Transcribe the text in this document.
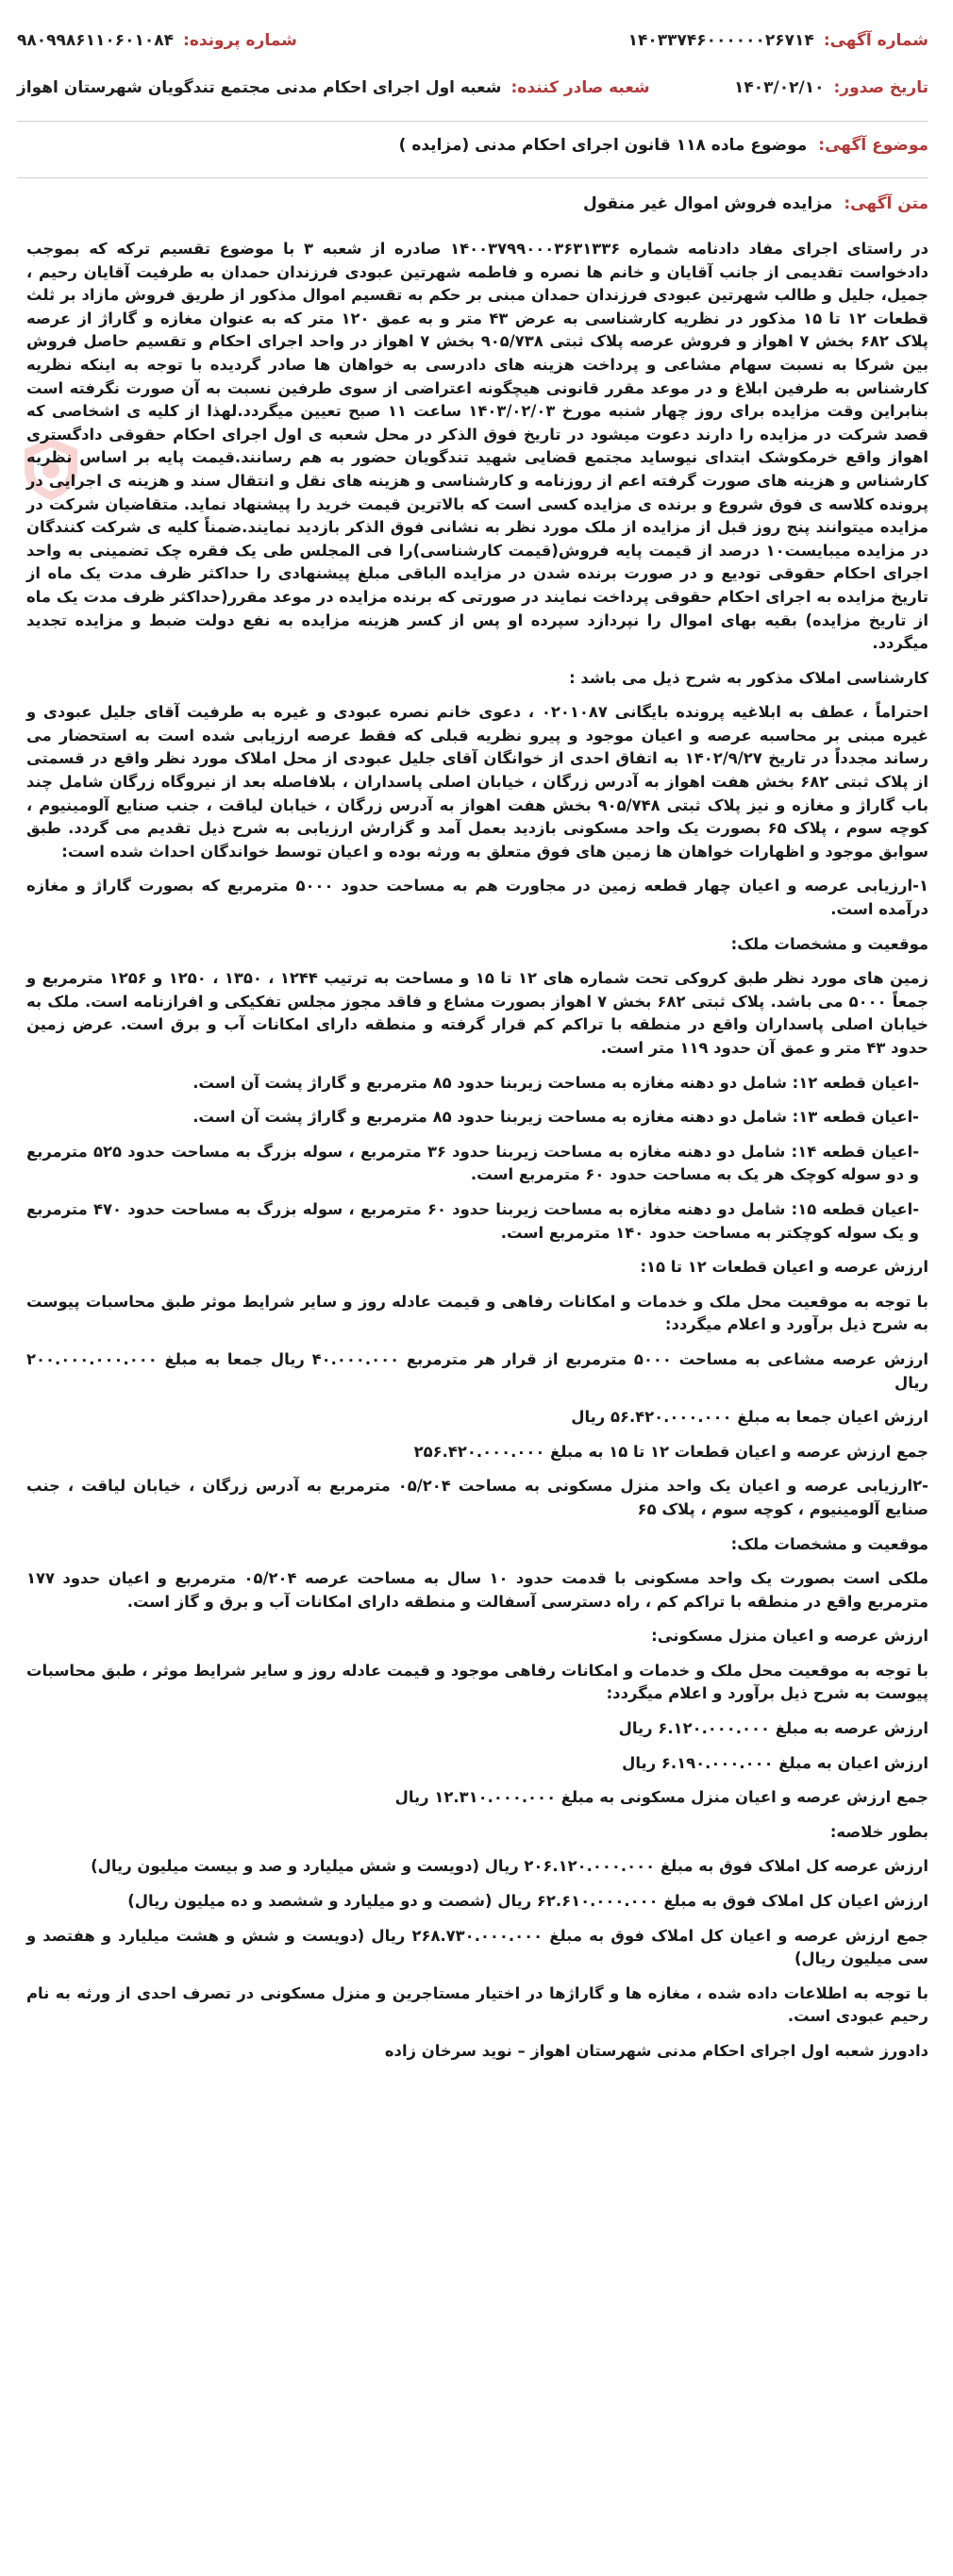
شماره آگهی:
۱۴۰۳۳۷۴۶۰۰۰۰۰۰۲۶۷۱۴
شماره پرونده:
۹۸۰۹۹۸۶۱۱۰۶۰۱۰۸۴
تاریخ صدور:
۱۴۰۳/۰۲/۱۰
شعبه صادر کننده:
شعبه اول اجرای احکام مدنی مجتمع تندگویان شهرستان اهواز
موضوع آگهی:
موضوع ماده ۱۱۸ قانون اجرای احکام مدنی (مزایده )
متن آگهی:
مزایده فروش اموال غیر منقول

در راستای اجرای مفاد دادنامه شماره ۱۴۰۰۳۷۹۹۰۰۰۳۶۳۱۳۳۶ صادره از شعبه ۳ با موضوع تقسیم ترکه که بموجب دادخواست تقدیمی از جانب آقایان و خانم ها نصره و فاطمه شهرتین عبودی فرزندان حمدان به طرفیت آقایان رحیم ، جمیل، جلیل و طالب شهرتین عبودی فرزندان حمدان مبنی بر حکم به تقسیم اموال مذکور از طریق فروش مازاد بر ثلث قطعات ۱۲ تا ۱۵ مذکور در نظریه کارشناسی به عرض ۴۳ متر و به عمق ۱۲۰ متر که به عنوان مغازه و گاراژ از عرصه پلاک ۶۸۲ بخش ۷ اهواز و فروش عرصه پلاک ثبتی ۹۰۵/۷۳۸ بخش ۷ اهواز در واحد اجرای احکام و تقسیم حاصل فروش بین شرکا به نسبت سهام مشاعی و پرداخت هزینه های دادرسی به خواهان ها صادر گردیده با توجه به اینکه نظریه کارشناس به طرفین ابلاغ و در موعد مقرر قانونی هیچگونه اعتراضی از سوی طرفین نسبت به آن صورت نگرفته است بنابراین وقت مزایده برای روز چهار شنبه مورخ ۱۴۰۳/۰۲/۰۳ ساعت ۱۱ صبح تعیین میگردد.لهذا از کلیه ی اشخاصی که قصد شرکت در مزایده را دارند دعوت میشود در تاریخ فوق الذکر در محل شعبه ی اول اجرای احکام حقوقی دادگستری اهواز واقع خرمکوشک ابتدای نیوساید مجتمع قضایی شهید تندگویان حضور به هم رسانند.قیمت پایه بر اساس نظریه کارشناس و هزینه های صورت گرفته اعم از روزنامه و کارشناسی و هزینه های نقل و انتقال سند و هزینه ی اجرایی در پرونده کلاسه ی فوق شروع و برنده ی مزایده کسی است که بالاترین قیمت خرید را پیشنهاد نماید. متقاضیان شرکت در مزایده میتوانند پنج روز قبل از مزایده از ملک مورد نظر به نشانی فوق الذکر بازدید نمایند.ضمناً کلیه ی شرکت کنندگان در مزایده میبایست۱۰ درصد از قیمت پایه فروش(قیمت کارشناسی)را فی المجلس طی یک فقره چک تضمینی به واحد اجرای احکام حقوقی تودیع و در صورت برنده شدن در مزایده الباقی مبلغ پیشنهادی را حداکثر ظرف مدت یک ماه از تاریخ مزایده به اجرای احکام حقوقی پرداخت نمایند در صورتی که برنده مزایده در موعد مقرر(حداکثر ظرف مدت یک ماه از تاریخ مزایده) بقیه بهای اموال را نپردازد سپرده او پس از کسر هزینه مزایده به نفع دولت ضبط و مزایده تجدید میگردد.

کارشناسی املاک مذکور به شرح ذیل می باشد :

احتراماً ، عطف به ابلاغیه پرونده بایگانی ۰۲۰۱۰۸۷ ، دعوی خانم نصره عبودی و غیره به طرفیت آقای جلیل عبودی و غیره مبنی بر محاسبه عرصه و اعیان موجود و پیرو نظریه قبلی که فقط عرصه ارزیابی شده است به استحضار می رساند مجدداً در تاریخ ۱۴۰۲/۹/۲۷ به اتفاق احدی از خوانگان آقای جلیل عبودی از محل املاک مورد نظر واقع در قسمتی از پلاک ثبتی ۶۸۲ بخش هفت اهواز به آدرس زرگان ، خیابان اصلی پاسداران ، بلافاصله بعد از نیروگاه زرگان شامل چند باب گاراژ و مغازه و نیز پلاک ثبتی ۹۰۵/۷۴۸ بخش هفت اهواز به آدرس زرگان ، خیابان لیاقت ، جنب صنایع آلومینیوم ، کوچه سوم ، پلاک ۶۵ بصورت یک واحد مسکونی بازدید بعمل آمد و گزارش ارزیابی به شرح ذیل تقدیم می گردد. طبق سوابق موجود و اظهارات خواهان ها زمین های فوق متعلق به ورثه بوده و اعیان توسط خواندگان احداث شده است:

۱-ارزیابی عرصه و اعیان چهار قطعه زمین در مجاورت هم به مساحت حدود ۵۰۰۰ مترمربع که بصورت گاراژ و مغازه درآمده است.

موقعیت و مشخصات ملک:

زمین های مورد نظر طبق کروکی تحت شماره های ۱۲ تا ۱۵ و مساحت به ترتیب ۱۲۴۴ ، ۱۳۵۰ ، ۱۲۵۰ و ۱۲۵۶ مترمربع و جمعاً ۵۰۰۰ می باشد. پلاک ثبتی ۶۸۲ بخش ۷ اهواز بصورت مشاع و فاقد مجوز مجلس تفکیکی و افرازنامه است. ملک به خیابان اصلی پاسداران واقع در منطقه با تراکم کم قرار گرفته و منطقه دارای امکانات آب و برق است. عرض زمین حدود ۴۳ متر و عمق آن حدود ۱۱۹ متر است.

-اعیان قطعه ۱۲: شامل دو دهنه مغازه به مساحت زیربنا حدود ۸۵ مترمربع و گاراژ پشت آن است.

-اعیان قطعه ۱۳: شامل دو دهنه مغازه به مساحت زیربنا حدود ۸۵ مترمربع و گاراژ پشت آن است.

-اعیان قطعه ۱۴: شامل دو دهنه مغازه به مساحت زیربنا حدود ۳۶ مترمربع ، سوله بزرگ به مساحت حدود ۵۲۵ مترمربع و دو سوله کوچک هر یک به مساحت حدود ۶۰ مترمربع است.

-اعیان قطعه ۱۵: شامل دو دهنه مغازه به مساحت زیربنا حدود ۶۰ مترمربع ، سوله بزرگ به مساحت حدود ۴۷۰ مترمربع و یک سوله کوچکتر به مساحت حدود ۱۴۰ مترمربع است.

ارزش عرصه و اعیان قطعات ۱۲ تا ۱۵:

با توجه به موقعیت محل ملک و خدمات و امکانات رفاهی و قیمت عادله روز و سایر شرایط موثر طبق محاسبات پیوست به شرح ذیل برآورد و اعلام میگردد:

ارزش عرصه مشاعی به مساحت ۵۰۰۰ مترمربع از قرار هر مترمربع ۴۰.۰۰۰.۰۰۰ ریال جمعا به مبلغ ۲۰۰.۰۰۰.۰۰۰.۰۰۰ ریال

ارزش اعیان جمعا به مبلغ ۵۶.۴۲۰.۰۰۰.۰۰۰ ریال

جمع ارزش عرصه و اعیان قطعات ۱۲ تا ۱۵ به مبلغ ۲۵۶.۴۲۰.۰۰۰.۰۰۰

-۲ارزیابی عرصه و اعیان یک واحد منزل مسکونی به مساحت ۰۵/۲۰۴ مترمربع به آدرس زرگان ، خیابان لیاقت ، جنب صنایع آلومینیوم ، کوچه سوم ، پلاک ۶۵

موقعیت و مشخصات ملک:

ملکی است بصورت یک واحد مسکونی با قدمت حدود ۱۰ سال به مساحت عرصه ۰۵/۲۰۴ مترمربع و اعیان حدود ۱۷۷ مترمربع واقع در منطقه با تراکم کم ، راه دسترسی آسفالت و منطقه دارای امکانات آب و برق و گاز است.

ارزش عرصه و اعیان منزل مسکونی:

با توجه به موقعیت محل ملک و خدمات و امکانات رفاهی موجود و قیمت عادله روز و سایر شرایط موثر ، طبق محاسبات پیوست به شرح ذیل برآورد و اعلام میگردد:

ارزش عرصه به مبلغ ۶.۱۲۰.۰۰۰.۰۰۰ ریال

ارزش اعیان به مبلغ ۶.۱۹۰.۰۰۰.۰۰۰ ریال

جمع ارزش عرصه و اعیان منزل مسکونی به مبلغ ۱۲.۳۱۰.۰۰۰.۰۰۰ ریال

بطور خلاصه:

ارزش عرصه کل املاک فوق به مبلغ ۲۰۶.۱۲۰.۰۰۰.۰۰۰ ریال (دویست و شش میلیارد و صد و بیست میلیون ریال)

ارزش اعیان کل املاک فوق به مبلغ ۶۲.۶۱۰.۰۰۰.۰۰۰ ریال (شصت و دو میلیارد و ششصد و ده میلیون ریال)

جمع ارزش عرصه و اعیان کل املاک فوق به مبلغ ۲۶۸.۷۳۰.۰۰۰.۰۰۰ ریال (دویست و شش و هشت میلیارد و هفتصد و سی میلیون ریال)

با توجه به اطلاعات داده شده ، مغازه ها و گاراژها در اختیار مستاجرین و منزل مسکونی در تصرف احدی از ورثه به نام رحیم عبودی است.

دادورز شعبه اول اجرای احکام مدنی شهرستان اهواز – نوید سرخان زاده
